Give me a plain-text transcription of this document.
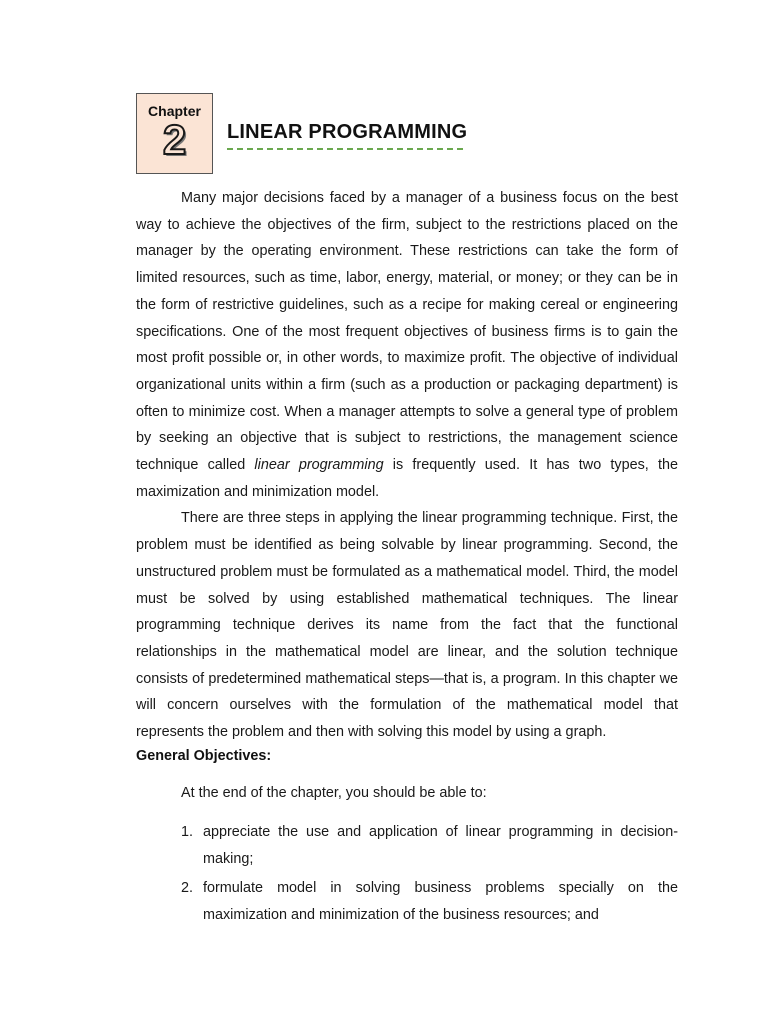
Chapter
2	LINEAR PROGRAMMING

Many major decisions faced by a manager of a business focus on the best way to achieve the objectives of the firm, subject to the restrictions placed on the manager by the operating environment. These restrictions can take the form of limited resources, such as time, labor, energy, material, or money; or they can be in the form of restrictive guidelines, such as a recipe for making cereal or engineering specifications. One of the most frequent objectives of business firms is to gain the most profit possible or, in other words, to maximize profit. The objective of individual organizational units within a firm (such as a production or packaging department) is often to minimize cost. When a manager attempts to solve a general type of problem by seeking an objective that is subject to restrictions, the management science technique called linear programming is frequently used. It has two types, the maximization and minimization model.

There are three steps in applying the linear programming technique. First, the problem must be identified as being solvable by linear programming. Second, the unstructured problem must be formulated as a mathematical model. Third, the model must be solved by using established mathematical techniques. The linear programming technique derives its name from the fact that the functional relationships in the mathematical model are linear, and the solution technique consists of predetermined mathematical steps—that is, a program. In this chapter we will concern ourselves with the formulation of the mathematical model that represents the problem and then with solving this model by using a graph.

General Objectives:
At the end of the chapter, you should be able to:
1. appreciate the use and application of linear programming in decision-making;
2. formulate model in solving business problems specially on the maximization and minimization of the business resources; and
